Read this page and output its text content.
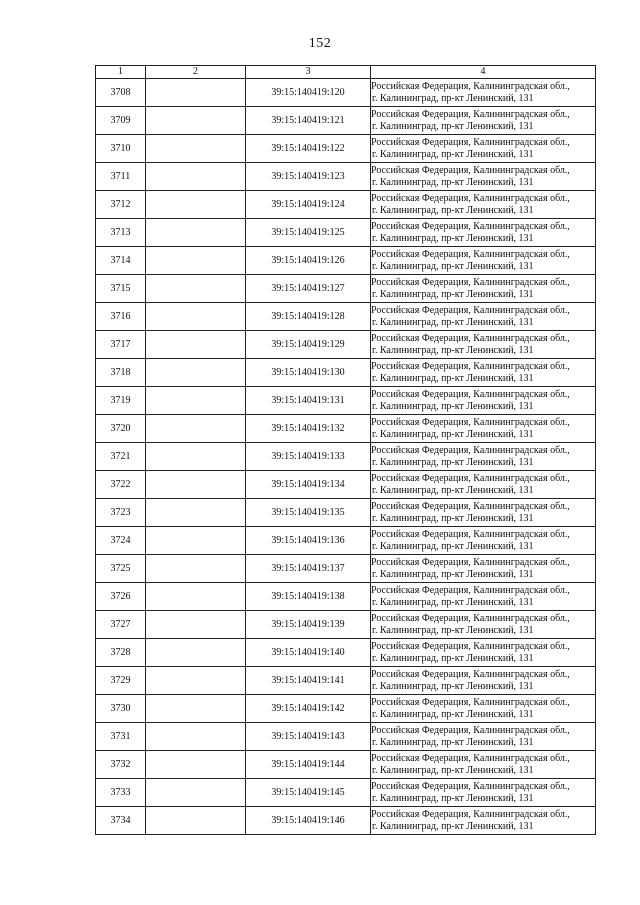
152
1	2	3	4
3708		39:15:140419:120	Российская Федерация, Калининградская обл.,
г. Калининград, пр-кт Ленинский, 131

3709		39:15:140419:121	Российская Федерация, Калининградская обл.,
г. Калининград, пр-кт Ленинский, 131

3710		39:15:140419:122	Российская Федерация, Калининградская обл.,
г. Калининград, пр-кт Ленинский, 131

3711		39:15:140419:123	Российская Федерация, Калининградская обл.,
г. Калининград, пр-кт Ленинский, 131

3712		39:15:140419:124	Российская Федерация, Калининградская обл.,
г. Калининград, пр-кт Ленинский, 131

3713		39:15:140419:125	Российская Федерация, Калининградская обл.,
г. Калининград, пр-кт Ленинский, 131

3714		39:15:140419:126	Российская Федерация, Калининградская обл.,
г. Калининград, пр-кт Ленинский, 131

3715		39:15:140419:127	Российская Федерация, Калининградская обл.,
г. Калининград, пр-кт Ленинский, 131

3716		39:15:140419:128	Российская Федерация, Калининградская обл.,
г. Калининград, пр-кт Ленинский, 131

3717		39:15:140419:129	Российская Федерация, Калининградская обл.,
г. Калининград, пр-кт Ленинский, 131

3718		39:15:140419:130	Российская Федерация, Калининградская обл.,
г. Калининград, пр-кт Ленинский, 131

3719		39:15:140419:131	Российская Федерация, Калининградская обл.,
г. Калининград, пр-кт Ленинский, 131

3720		39:15:140419:132	Российская Федерация, Калининградская обл.,
г. Калининград, пр-кт Ленинский, 131

3721		39:15:140419:133	Российская Федерация, Калининградская обл.,
г. Калининград, пр-кт Ленинский, 131

3722		39:15:140419:134	Российская Федерация, Калининградская обл.,
г. Калининград, пр-кт Ленинский, 131

3723		39:15:140419:135	Российская Федерация, Калининградская обл.,
г. Калининград, пр-кт Ленинский, 131

3724		39:15:140419:136	Российская Федерация, Калининградская обл.,
г. Калининград, пр-кт Ленинский, 131

3725		39:15:140419:137	Российская Федерация, Калининградская обл.,
г. Калининград, пр-кт Ленинский, 131

3726		39:15:140419:138	Российская Федерация, Калининградская обл.,
г. Калининград, пр-кт Ленинский, 131

3727		39:15:140419:139	Российская Федерация, Калининградская обл.,
г. Калининград, пр-кт Ленинский, 131

3728		39:15:140419:140	Российская Федерация, Калининградская обл.,
г. Калининград, пр-кт Ленинский, 131

3729		39:15:140419:141	Российская Федерация, Калининградская обл.,
г. Калининград, пр-кт Ленинский, 131

3730		39:15:140419:142	Российская Федерация, Калининградская обл.,
г. Калининград, пр-кт Ленинский, 131

3731		39:15:140419:143	Российская Федерация, Калининградская обл.,
г. Калининград, пр-кт Ленинский, 131

3732		39:15:140419:144	Российская Федерация, Калининградская обл.,
г. Калининград, пр-кт Ленинский, 131

3733		39:15:140419:145	Российская Федерация, Калининградская обл.,
г. Калининград, пр-кт Ленинский, 131

3734		39:15:140419:146	Российская Федерация, Калининградская обл.,
г. Калининград, пр-кт Ленинский, 131
